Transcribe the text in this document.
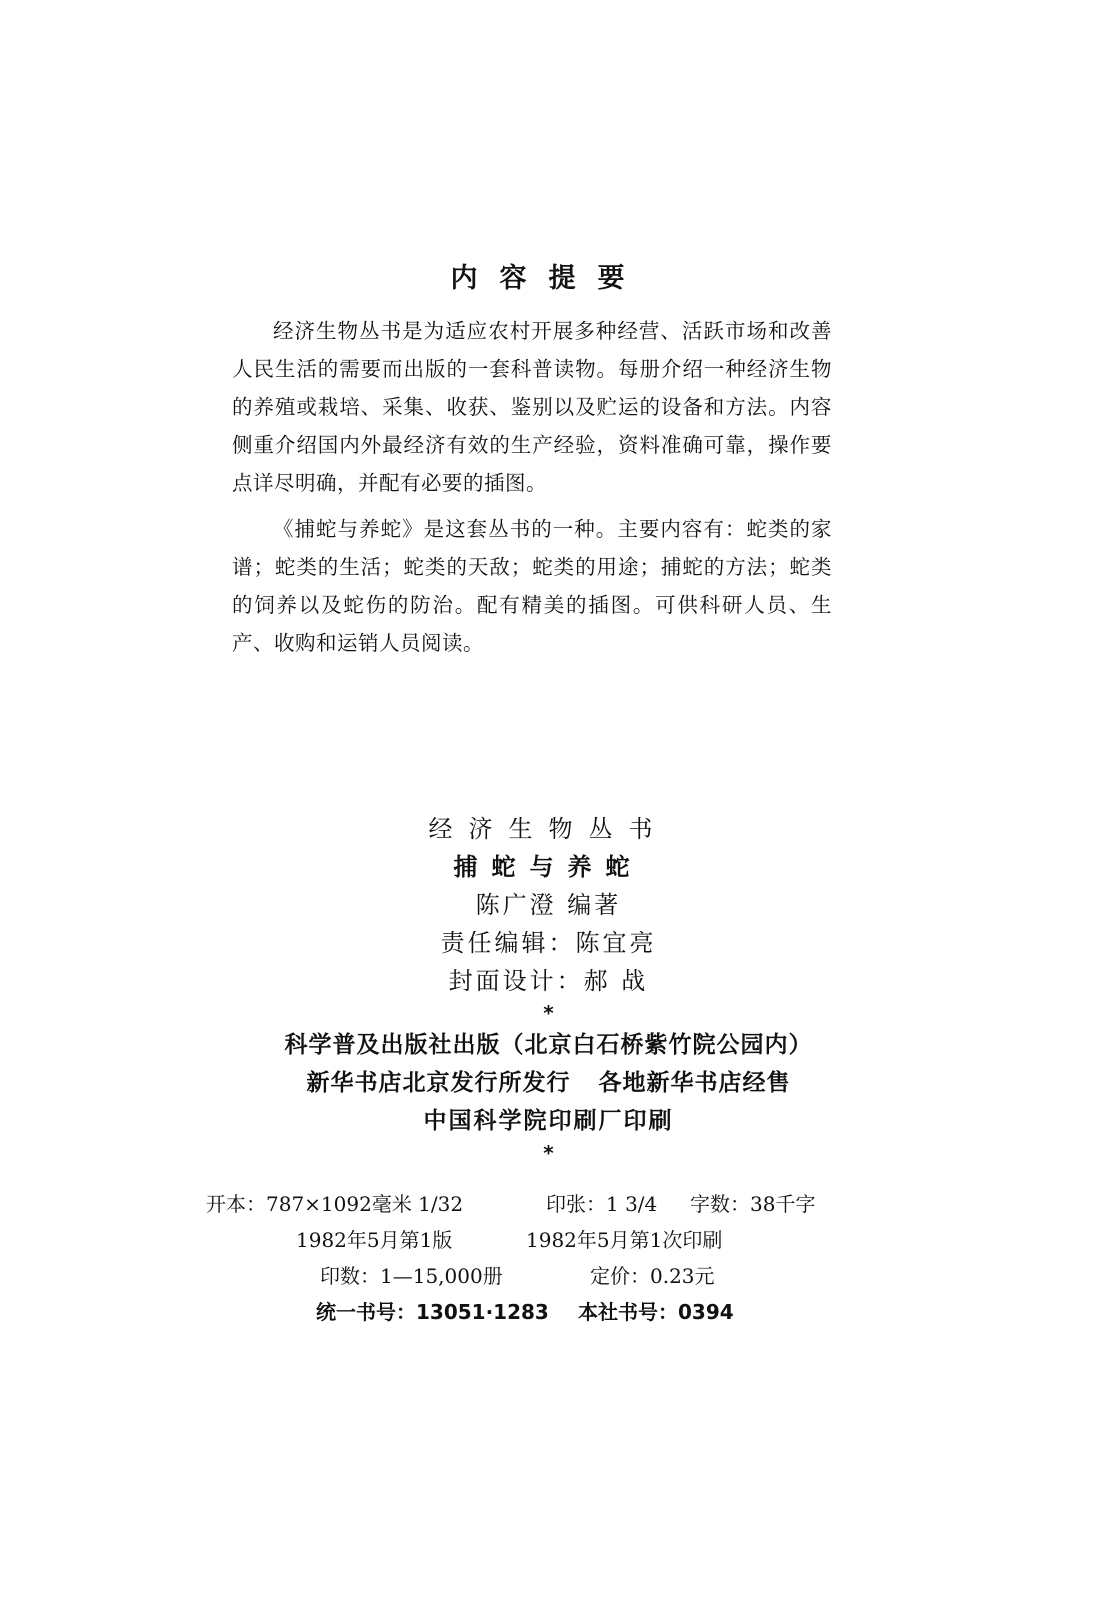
内容提要

经济生物丛书是为适应农村开展多种经营、活跃市场和改善人民生活的需要而出版的一套科普读物。每册介绍一种经济生物的养殖或栽培、采集、收获、鉴别以及贮运的设备和方法。内容侧重介绍国内外最经济有效的生产经验，资料准确可靠，操作要点详尽明确，并配有必要的插图。

《捕蛇与养蛇》是这套丛书的一种。主要内容有：蛇类的家谱；蛇类的生活；蛇类的天敌；蛇类的用途；捕蛇的方法；蛇类的饲养以及蛇伤的防治。配有精美的插图。可供科研人员、生产、收购和运销人员阅读。

经济生物丛书
捕蛇与养蛇
陈广澄 编著
责任编辑：陈宜亮
封面设计：郝 战
*
科学普及出版社出版（北京白石桥紫竹院公园内）
新华书店北京发行所发行 各地新华书店经售
中国科学院印刷厂印刷
*
开本：787×1092毫米 1/32	印张：1 3/4 字数：38千字
1982年5月第1版	1982年5月第1次印刷
印数：1—15,000册	定价：0.23元
统一书号：13051·1283 本社书号：0394
